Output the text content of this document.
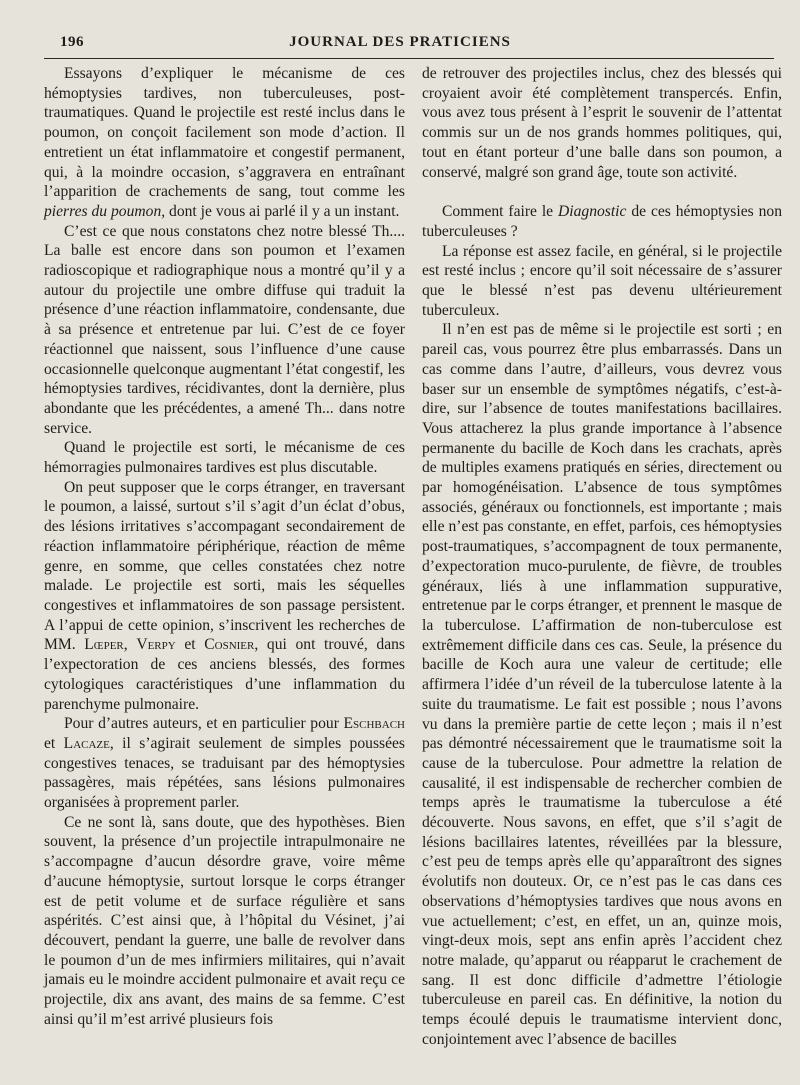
196	JOURNAL DES PRATICIENS

Essayons d’expliquer le mécanisme de ces hémoptysies tardives, non tuberculeuses, post-traumatiques. Quand le projectile est resté inclus dans le poumon, on conçoit facilement son mode d’action. Il entretient un état inflammatoire et congestif permanent, qui, à la moindre occasion, s’aggravera en entraînant l’apparition de crachements de sang, tout comme les pierres du poumon, dont je vous ai parlé il y a un instant.

C’est ce que nous constatons chez notre blessé Th.... La balle est encore dans son poumon et l’examen radioscopique et radiographique nous a montré qu’il y a autour du projectile une ombre diffuse qui traduit la présence d’une réaction inflammatoire, condensante, due à sa présence et entretenue par lui. C’est de ce foyer réactionnel que naissent, sous l’influence d’une cause occasionnelle quelconque augmentant l’état congestif, les hémoptysies tardives, récidivantes, dont la dernière, plus abondante que les précédentes, a amené Th... dans notre service.

Quand le projectile est sorti, le mécanisme de ces hémorragies pulmonaires tardives est plus discutable.

On peut supposer que le corps étranger, en traversant le poumon, a laissé, surtout s’il s’agit d’un éclat d’obus, des lésions irritatives s’accompagant secondairement de réaction inflammatoire périphérique, réaction de même genre, en somme, que celles constatées chez notre malade. Le projectile est sorti, mais les séquelles congestives et inflammatoires de son passage persistent. A l’appui de cette opinion, s’inscrivent les recherches de MM. Lœper, Verpy et Cosnier, qui ont trouvé, dans l’expectoration de ces anciens blessés, des formes cytologiques caractéristiques d’une inflammation du parenchyme pulmonaire.

Pour d’autres auteurs, et en particulier pour Eschbach et Lacaze, il s’agirait seulement de simples poussées congestives tenaces, se traduisant par des hémoptysies passagères, mais répétées, sans lésions pulmonaires organisées à proprement parler.

Ce ne sont là, sans doute, que des hypothèses. Bien souvent, la présence d’un projectile intrapulmonaire ne s’accompagne d’aucun désordre grave, voire même d’aucune hémoptysie, surtout lorsque le corps étranger est de petit volume et de surface régulière et sans aspérités. C’est ainsi que, à l’hôpital du Vésinet, j’ai découvert, pendant la guerre, une balle de revolver dans le poumon d’un de mes infirmiers militaires, qui n’avait jamais eu le moindre accident pulmonaire et avait reçu ce projectile, dix ans avant, des mains de sa femme. C’est ainsi qu’il m’est arrivé plusieurs fois

de retrouver des projectiles inclus, chez des blessés qui croyaient avoir été complètement transpercés. Enfin, vous avez tous présent à l’esprit le souvenir de l’attentat commis sur un de nos grands hommes politiques, qui, tout en étant porteur d’une balle dans son poumon, a conservé, malgré son grand âge, toute son activité.

Comment faire le Diagnostic de ces hémoptysies non tuberculeuses ?

La réponse est assez facile, en général, si le projectile est resté inclus ; encore qu’il soit nécessaire de s’assurer que le blessé n’est pas devenu ultérieurement tuberculeux.

Il n’en est pas de même si le projectile est sorti ; en pareil cas, vous pourrez être plus embarrassés. Dans un cas comme dans l’autre, d’ailleurs, vous devrez vous baser sur un ensemble de symptômes négatifs, c’est-à-dire, sur l’absence de toutes manifestations bacillaires. Vous attacherez la plus grande importance à l’absence permanente du bacille de Koch dans les crachats, après de multiples examens pratiqués en séries, directement ou par homogénéisation. L’absence de tous symptômes associés, généraux ou fonctionnels, est importante ; mais elle n’est pas constante, en effet, parfois, ces hémoptysies post-traumatiques, s’accompagnent de toux permanente, d’expectoration muco-purulente, de fièvre, de troubles généraux, liés à une inflammation suppurative, entretenue par le corps étranger, et prennent le masque de la tuberculose. L’affirmation de non-tuberculose est extrêmement difficile dans ces cas. Seule, la présence du bacille de Koch aura une valeur de certitude; elle affirmera l’idée d’un réveil de la tuberculose latente à la suite du traumatisme. Le fait est possible ; nous l’avons vu dans la première partie de cette leçon ; mais il n’est pas démontré nécessairement que le traumatisme soit la cause de la tuberculose. Pour admettre la relation de causalité, il est indispensable de rechercher combien de temps après le traumatisme la tuberculose a été découverte. Nous savons, en effet, que s’il s’agit de lésions bacillaires latentes, réveillées par la blessure, c’est peu de temps après elle qu’apparaîtront des signes évolutifs non douteux. Or, ce n’est pas le cas dans ces observations d’hémoptysies tardives que nous avons en vue actuellement; c’est, en effet, un an, quinze mois, vingt-deux mois, sept ans enfin après l’accident chez notre malade, qu’apparut ou réapparut le crachement de sang. Il est donc difficile d’admettre l’étiologie tuberculeuse en pareil cas. En définitive, la notion du temps écoulé depuis le traumatisme intervient donc, conjointement avec l’absence de bacilles
